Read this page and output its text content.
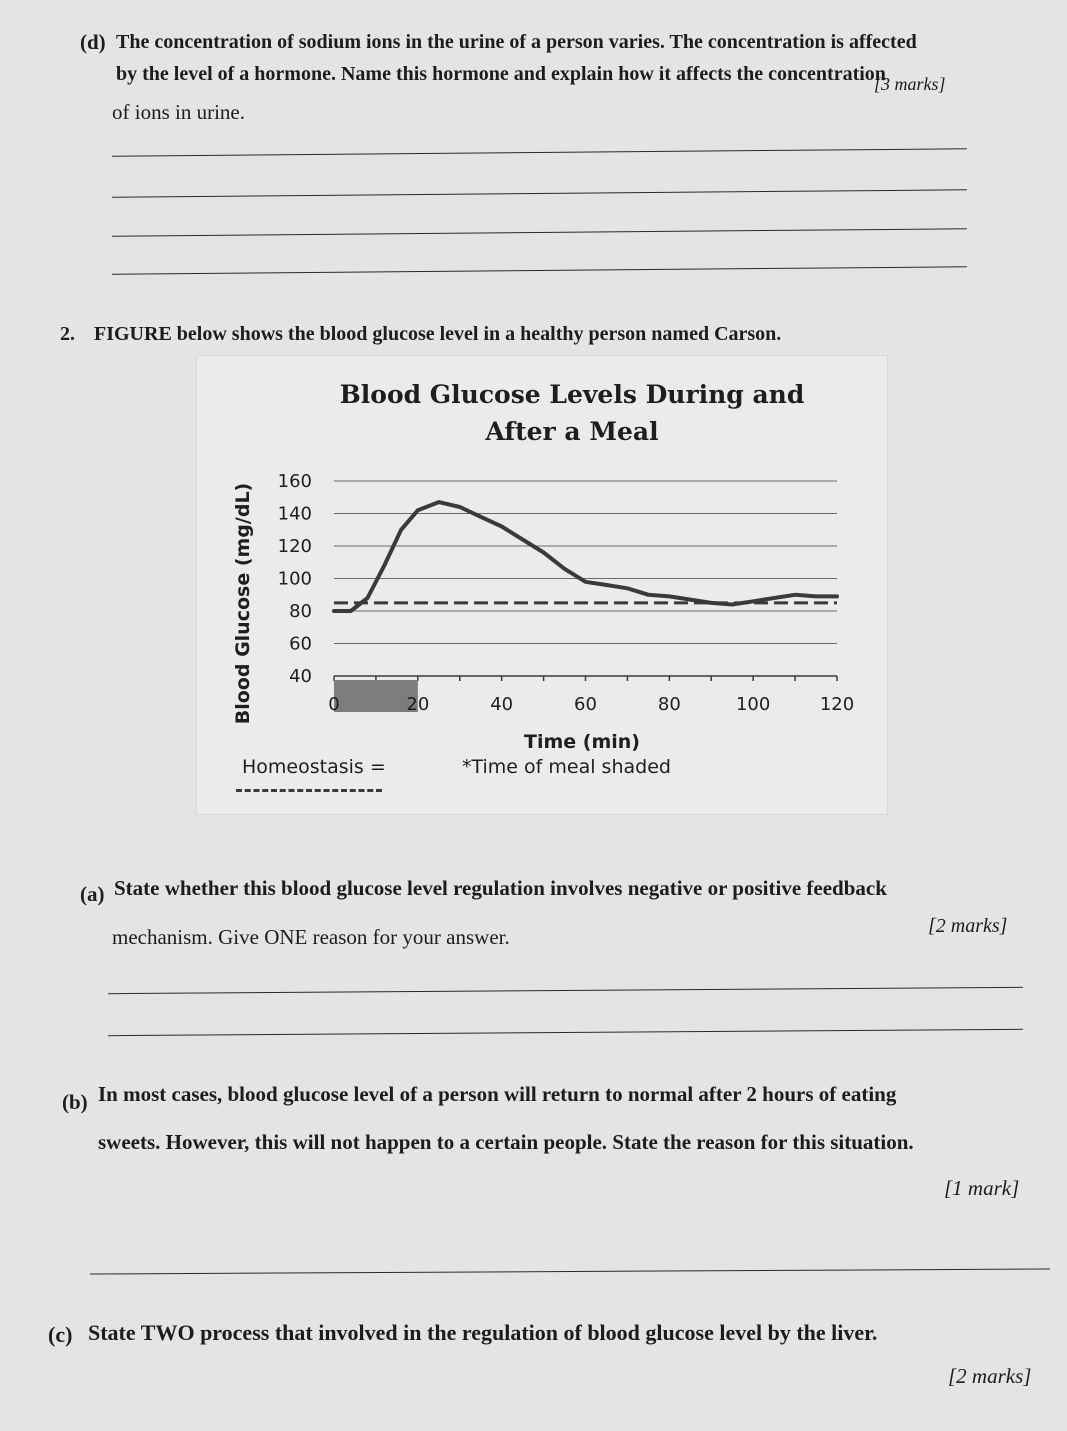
(d) The concentration of sodium ions in the urine of a person varies. The concentration is affected
by the level of a hormone. Name this hormone and explain how it affects the concentration
of ions in urine.
[3 marks]
2. FIGURE below shows the blood glucose level in a healthy person named Carson.
Blood Glucose Levels During and
After a Meal
40
60
80
100
120
140
160
0	20	40	60	80	100	120
Blood Glucose (mg/dL)
Time (min)
Homeostasis =	*Time of meal shaded
(a) State whether this blood glucose level regulation involves negative or positive feedback
mechanism. Give ONE reason for your answer.	[2 marks]
(b) In most cases, blood glucose level of a person will return to normal after 2 hours of eating
sweets. However, this will not happen to a certain people. State the reason for this situation.
[1 mark]
(c) State TWO process that involved in the regulation of blood glucose level by the liver.
[2 marks]
